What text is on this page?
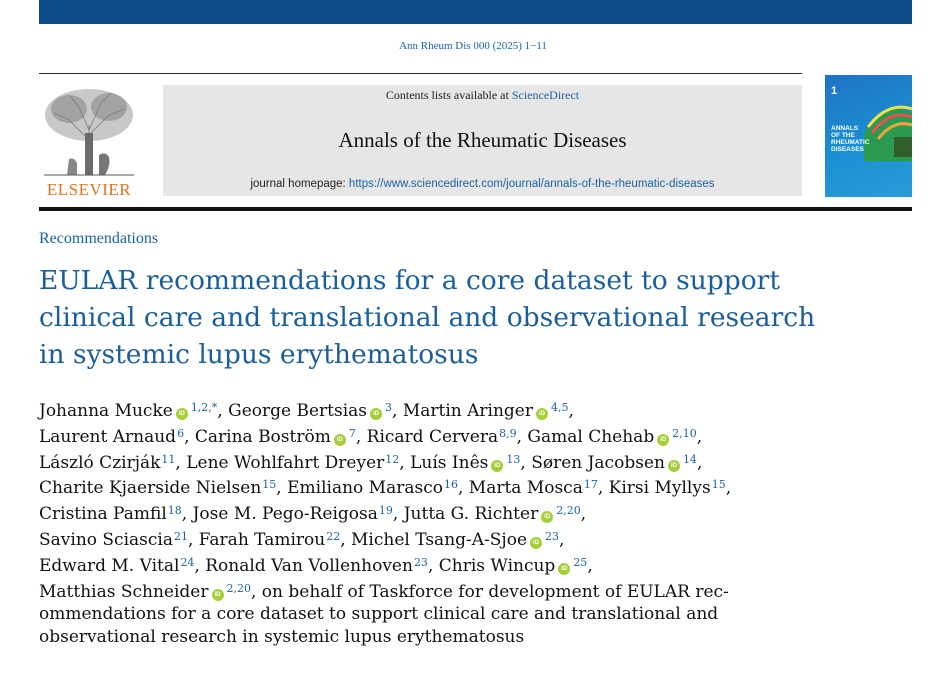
Ann Rheum Dis 000 (2025) 1−11
ELSEVIER
Contents lists available at ScienceDirect
Annals of the Rheumatic Diseases
journal homepage: https://www.sciencedirect.com/journal/annals-of-the-rheumatic-diseases
1
ANNALS
OF THE
RHEUMATIC
DISEASES
Recommendations
EULAR recommendations for a core dataset to support clinical care and translational and observational research in systemic lupus erythematosus
Johanna Mucke iD $^{1,2,*}$, George Bertsias iD $^3$, Martin Aringer iD $^{4,5}$,
Laurent Arnaud$^6$, Carina Boström iD $^7$, Ricard Cervera$^{8,9}$, Gamal Chehab iD $^{2,10}$,
László Czirják$^{11}$, Lene Wohlfahrt Dreyer$^{12}$, Luís Inês iD $^{13}$, Søren Jacobsen iD $^{14}$,
Charite Kjaerside Nielsen$^{15}$, Emiliano Marasco$^{16}$, Marta Mosca$^{17}$, Kirsi Myllys$^{15}$,
Cristina Pamfil$^{18}$, Jose M. Pego-Reigosa$^{19}$, Jutta G. Richter iD $^{2,20}$,
Savino Sciascia$^{21}$, Farah Tamirou$^{22}$, Michel Tsang-A-Sjoe iD $^{23}$,
Edward M. Vital$^{24}$, Ronald Van Vollenhoven$^{23}$, Chris Wincup iD $^{25}$,
Matthias Schneider iD $^{2,20}$, on behalf of Taskforce for development of EULAR rec-
ommendations for a core dataset to support clinical care and translational and
observational research in systemic lupus erythematosus
